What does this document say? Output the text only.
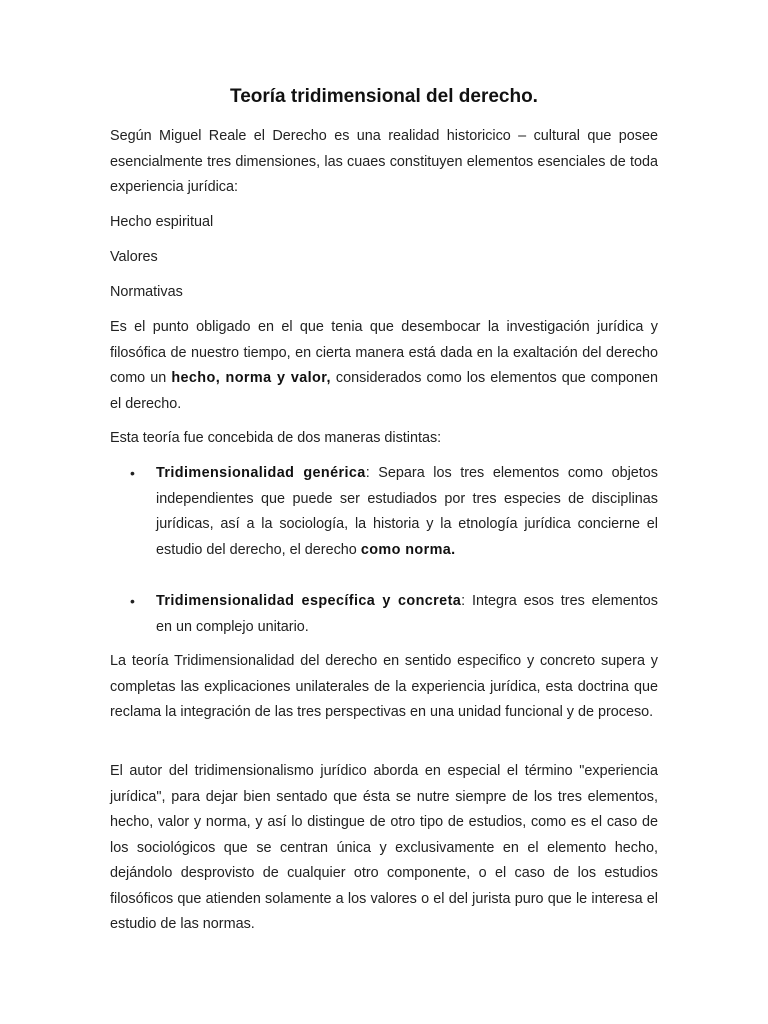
Teoría tridimensional del derecho.

Según Miguel Reale el Derecho es una realidad historicico – cultural que posee esencialmente tres dimensiones, las cuaes constituyen elementos esenciales de toda experiencia jurídica:

Hecho espiritual

Valores

Normativas

Es el punto obligado en el que tenia que desembocar la investigación jurídica y filosófica de nuestro tiempo, en cierta manera está dada en la exaltación del derecho como un hecho, norma y valor, considerados como los elementos que componen el derecho.

Esta teoría fue concebida de dos maneras distintas:

• Tridimensionalidad genérica: Separa los tres elementos como objetos independientes que puede ser estudiados por tres especies de disciplinas jurídicas, así a la sociología, la historia y la etnología jurídica concierne el estudio del derecho, el derecho como norma.
• Tridimensionalidad específica y concreta: Integra esos tres elementos en un complejo unitario.

La teoría Tridimensionalidad del derecho en sentido especifico y concreto supera y completas las explicaciones unilaterales de la experiencia jurídica, esta doctrina que reclama la integración de las tres perspectivas en una unidad funcional y de proceso.

El autor del tridimensionalismo jurídico aborda en especial el término "experiencia jurídica", para dejar bien sentado que ésta se nutre siempre de los tres elementos, hecho, valor y norma, y así lo distingue de otro tipo de estudios, como es el caso de los sociológicos que se centran única y exclusivamente en el elemento hecho, dejándolo desprovisto de cualquier otro componente, o el caso de los estudios filosóficos que atienden solamente a los valores o el del jurista puro que le interesa el estudio de las normas.
